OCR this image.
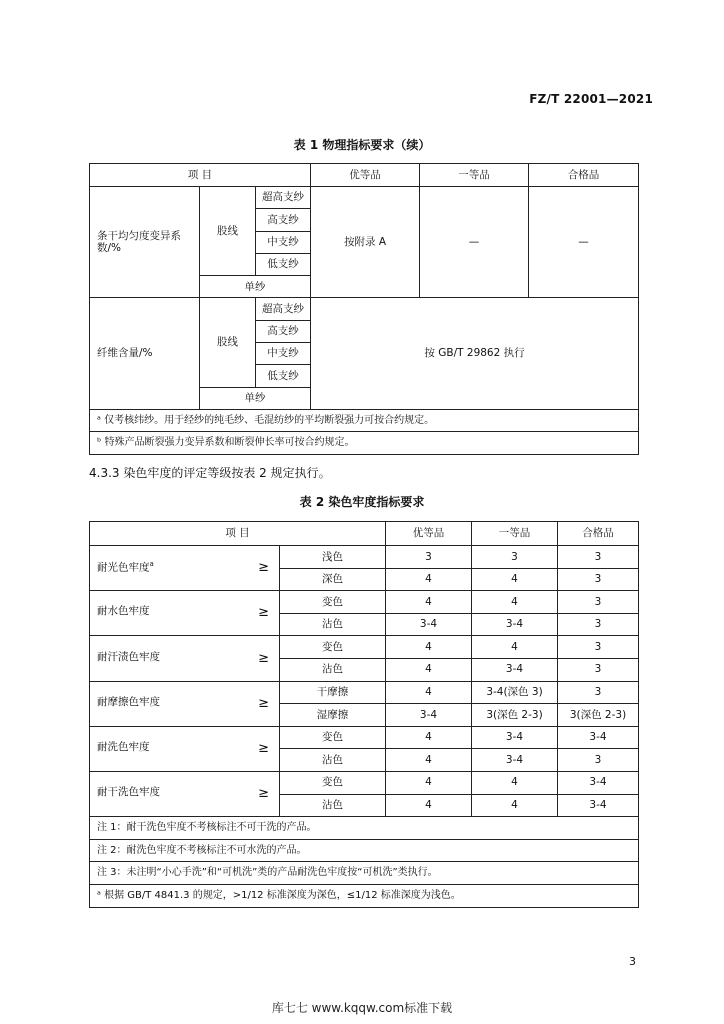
FZ/T 22001—2021
表 1 物理指标要求（续）
项 目			优等品	一等品	合格品
条干均匀度变异系数/%	股线	超高支纱	按附录 A	—	—
		高支纱			
		中支纱			
		低支纱			
	单纱				
纤维含量/%	股线	超高支纱	按 GB/T 29862 执行		
		高支纱			
		中支纱			
		低支纱			
	单纱				
ᵃ 仅考核纬纱。用于经纱的纯毛纱、毛混纺纱的平均断裂强力可按合约规定。					
ᵇ 特殊产品断裂强力变异系数和断裂伸长率可按合约规定。					
4.3.3 染色牢度的评定等级按表 2 规定执行。
表 2 染色牢度指标要求
项 目		优等品	一等品	合格品
耐光色牢度$^a$ ≥	浅色	3	3	3
	深色	4	4	3
耐水色牢度 ≥	变色	4	4	3
	沾色	3-4	3-4	3
耐汗渍色牢度 ≥	变色	4	4	3
	沾色	4	3-4	3
耐摩擦色牢度 ≥	干摩擦	4	3-4(深色 3)	3
	湿摩擦	3-4	3(深色 2-3)	3(深色 2-3)
耐洗色牢度 ≥	变色	4	3-4	3-4
	沾色	4	3-4	3
耐干洗色牢度 ≥	变色	4	4	3-4
	沾色	4	4	3-4
注 1：耐干洗色牢度不考核标注不可干洗的产品。				
注 2：耐洗色牢度不考核标注不可水洗的产品。				
注 3：未注明“小心手洗”和“可机洗”类的产品耐洗色牢度按“可机洗”类执行。				
ᵃ 根据 GB/T 4841.3 的规定，>1/12 标准深度为深色，≤1/12 标准深度为浅色。				
3
库七七 www.kqqw.com标准下载
